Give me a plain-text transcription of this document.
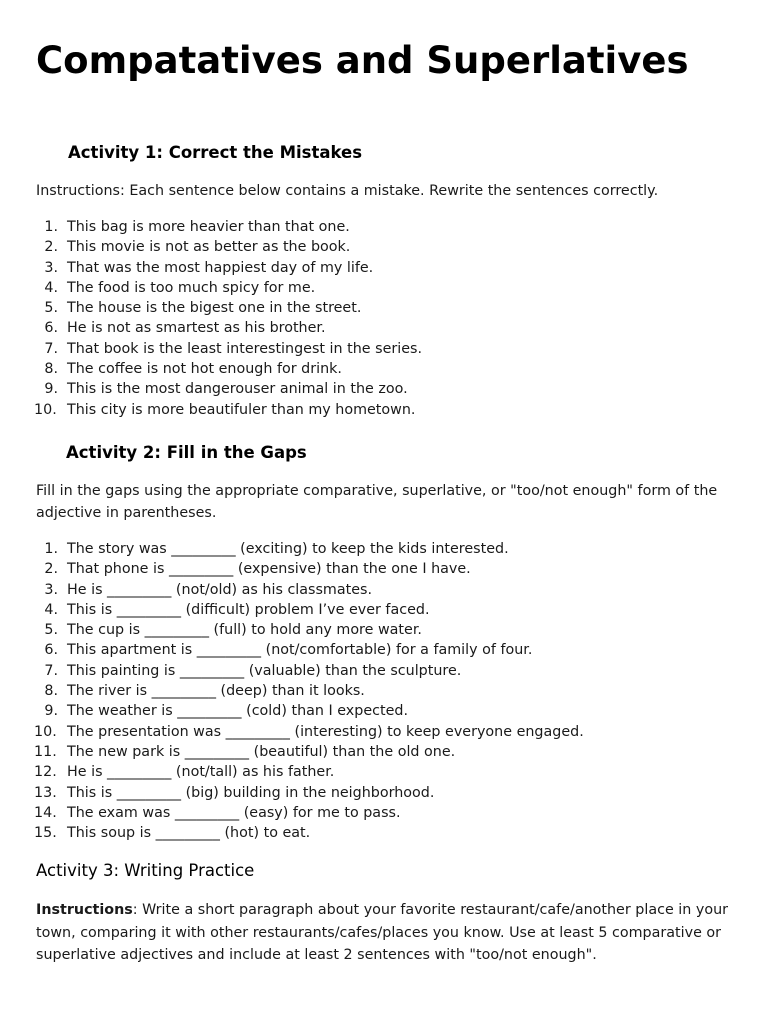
Compatatives and Superlatives
Activity 1: Correct the Mistakes

Instructions: Each sentence below contains a mistake. Rewrite the sentences correctly.

1. This bag is more heavier than that one.
2. This movie is not as better as the book.
3. That was the most happiest day of my life.
4. The food is too much spicy for me.
5. The house is the bigest one in the street.
6. He is not as smartest as his brother.
7. That book is the least interestingest in the series.
8. The coffee is not hot enough for drink.
9. This is the most dangerouser animal in the zoo.
10. This city is more beautifuler than my hometown.
Activity 2: Fill in the Gaps

Fill in the gaps using the appropriate comparative, superlative, or "too/not enough" form of the adjective in parentheses.

1. The story was _________ (exciting) to keep the kids interested.
2. That phone is _________ (expensive) than the one I have.
3. He is _________ (not/old) as his classmates.
4. This is _________ (difficult) problem I’ve ever faced.
5. The cup is _________ (full) to hold any more water.
6. This apartment is _________ (not/comfortable) for a family of four.
7. This painting is _________ (valuable) than the sculpture.
8. The river is _________ (deep) than it looks.
9. The weather is _________ (cold) than I expected.
10. The presentation was _________ (interesting) to keep everyone engaged.
11. The new park is _________ (beautiful) than the old one.
12. He is _________ (not/tall) as his father.
13. This is _________ (big) building in the neighborhood.
14. The exam was _________ (easy) for me to pass.
15. This soup is _________ (hot) to eat.
Activity 3: Writing Practice

Instructions: Write a short paragraph about your favorite restaurant/cafe/another place in your town, comparing it with other restaurants/cafes/places you know. Use at least 5 comparative or superlative adjectives and include at least 2 sentences with "too/not enough".
